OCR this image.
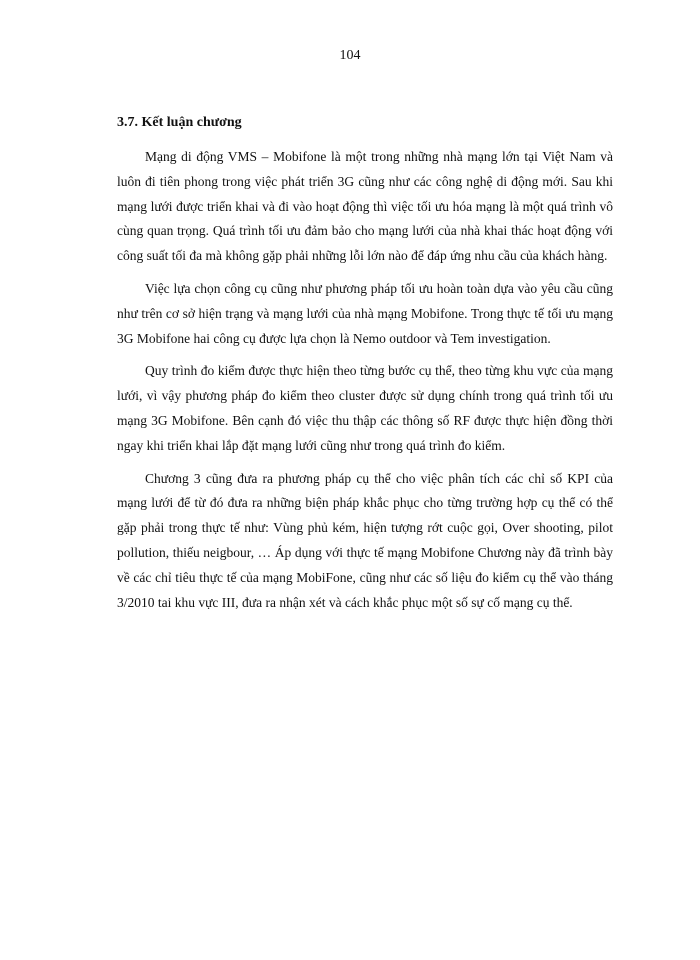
104
3.7. Kết luận chương

Mạng di động VMS – Mobifone là một trong những nhà mạng lớn tại Việt Nam và luôn đi tiên phong trong việc phát triển 3G cũng như các công nghệ di động mới. Sau khi mạng lưới được triển khai và đi vào hoạt động thì việc tối ưu hóa mạng là một quá trình vô cùng quan trọng. Quá trình tối ưu đảm bảo cho mạng lưới của nhà khai thác hoạt động với công suất tối đa mà không gặp phải những lỗi lớn nào để đáp ứng nhu cầu của khách hàng.

Việc lựa chọn công cụ cũng như phương pháp tối ưu hoàn toàn dựa vào yêu cầu cũng như trên cơ sở hiện trạng và mạng lưới của nhà mạng Mobifone. Trong thực tế tối ưu mạng 3G Mobifone hai công cụ được lựa chọn là Nemo outdoor và Tem investigation.

Quy trình đo kiểm được thực hiện theo từng bước cụ thể, theo từng khu vực của mạng lưới, vì vậy phương pháp đo kiểm theo cluster được sử dụng chính trong quá trình tối ưu mạng 3G Mobifone. Bên cạnh đó việc thu thập các thông số RF được thực hiện đồng thời ngay khi triển khai lắp đặt mạng lưới cũng như trong quá trình đo kiểm.

Chương 3 cũng đưa ra phương pháp cụ thể cho việc phân tích các chỉ số KPI của mạng lưới để từ đó đưa ra những biện pháp khắc phục cho từng trường hợp cụ thể có thể gặp phải trong thực tế như: Vùng phủ kém, hiện tượng rớt cuộc gọi, Over shooting, pilot pollution, thiếu neigbour, … Áp dụng với thực tế mạng Mobifone Chương này đã trình bày về các chỉ tiêu thực tế của mạng MobiFone, cũng như các số liệu đo kiểm cụ thể vào tháng 3/2010 tai khu vực III, đưa ra nhận xét và cách khắc phục một số sự cố mạng cụ thể.
